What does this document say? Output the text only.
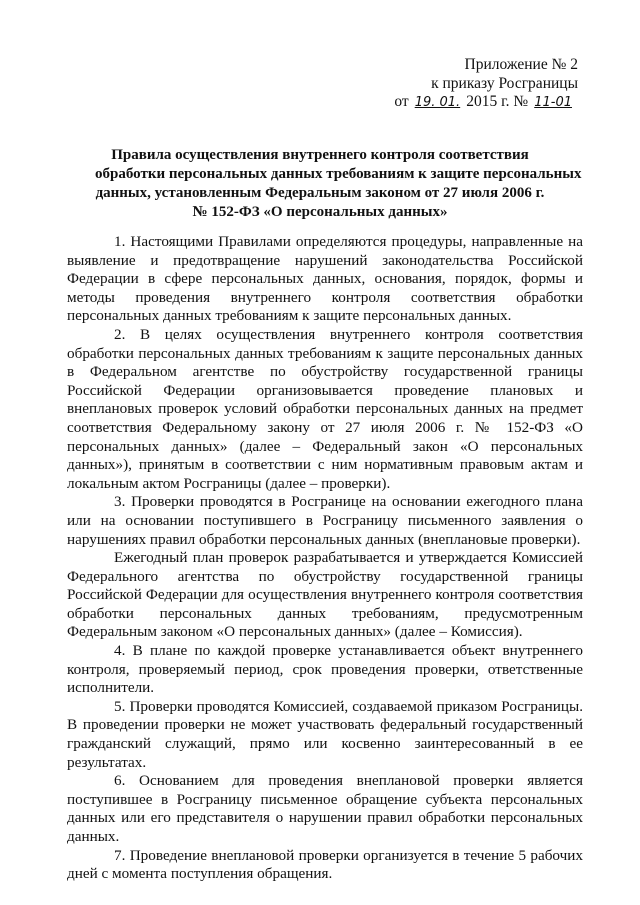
Приложение № 2
к приказу Росграницы
от 19. 01. 2015 г. № 11-01
Правила осуществления внутреннего контроля соответствия
обработки персональных данных требованиям к защите персональных
данных, установленным Федеральным законом от 27 июля 2006 г.
№ 152-ФЗ «О персональных данных»

1. Настоящими Правилами определяются процедуры, направленные на выявление и предотвращение нарушений законодательства Российской Федерации в сфере персональных данных, основания, порядок, формы и методы проведения внутреннего контроля соответствия обработки персональных данных требованиям к защите персональных данных.

2. В целях осуществления внутреннего контроля соответствия обработки персональных данных требованиям к защите персональных данных в Федеральном агентстве по обустройству государственной границы Российской Федерации организовывается проведение плановых и внеплановых проверок условий обработки персональных данных на предмет соответствия Федеральному закону от 27 июля 2006 г. № 152-ФЗ «О персональных данных» (далее – Федеральный закон «О персональных данных»), принятым в соответствии с ним нормативным правовым актам и локальным актом Росграницы (далее – проверки).

3. Проверки проводятся в Росгранице на основании ежегодного плана или на основании поступившего в Росграницу письменного заявления о нарушениях правил обработки персональных данных (внеплановые проверки).

Ежегодный план проверок разрабатывается и утверждается Комиссией Федерального агентства по обустройству государственной границы Российской Федерации для осуществления внутреннего контроля соответствия обработки персональных данных требованиям, предусмотренным Федеральным законом «О персональных данных» (далее – Комиссия).

4. В плане по каждой проверке устанавливается объект внутреннего контроля, проверяемый период, срок проведения проверки, ответственные исполнители.

5. Проверки проводятся Комиссией, создаваемой приказом Росграницы. В проведении проверки не может участвовать федеральный государственный гражданский служащий, прямо или косвенно заинтересованный в ее результатах.

6. Основанием для проведения внеплановой проверки является поступившее в Росграницу письменное обращение субъекта персональных данных или его представителя о нарушении правил обработки персональных данных.

7. Проведение внеплановой проверки организуется в течение 5 рабочих дней с момента поступления обращения.
